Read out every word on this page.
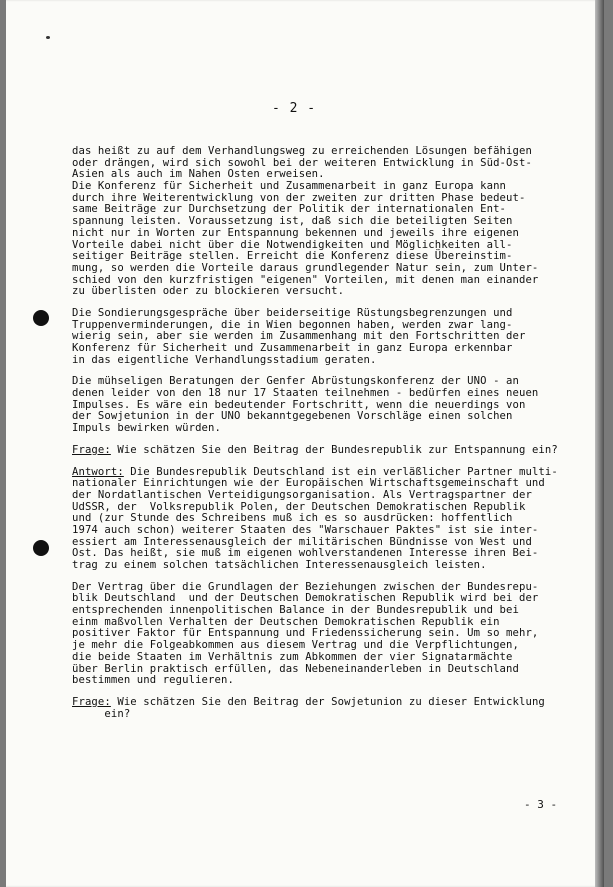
- 2 -
das heißt zu auf dem Verhandlungsweg zu erreichenden Lösungen befähigen
oder drängen, wird sich sowohl bei der weiteren Entwicklung in Süd-Ost-
Asien als auch im Nahen Osten erweisen.
Die Konferenz für Sicherheit und Zusammenarbeit in ganz Europa kann
durch ihre Weiterentwicklung von der zweiten zur dritten Phase bedeut-
same Beiträge zur Durchsetzung der Politik der internationalen Ent-
spannung leisten. Voraussetzung ist, daß sich die beteiligten Seiten
nicht nur in Worten zur Entspannung bekennen und jeweils ihre eigenen
Vorteile dabei nicht über die Notwendigkeiten und Möglichkeiten all-
seitiger Beiträge stellen. Erreicht die Konferenz diese Übereinstim-
mung, so werden die Vorteile daraus grundlegender Natur sein, zum Unter-
schied von den kurzfristigen "eigenen" Vorteilen, mit denen man einander
zu überlisten oder zu blockieren versucht.
Die Sondierungsgespräche über beiderseitige Rüstungsbegrenzungen und
Truppenverminderungen, die in Wien begonnen haben, werden zwar lang-
wierig sein, aber sie werden im Zusammenhang mit den Fortschritten der
Konferenz für Sicherheit und Zusammenarbeit in ganz Europa erkennbar
in das eigentliche Verhandlungsstadium geraten.
Die mühseligen Beratungen der Genfer Abrüstungskonferenz der UNO - an
denen leider von den 18 nur 17 Staaten teilnehmen - bedürfen eines neuen
Impulses. Es wäre ein bedeutender Fortschritt, wenn die neuerdings von
der Sowjetunion in der UNO bekanntgegebenen Vorschläge einen solchen
Impuls bewirken würden.
Frage: Wie schätzen Sie den Beitrag der Bundesrepublik zur Entspannung ein?
Antwort: Die Bundesrepublik Deutschland ist ein verläßlicher Partner multi-
nationaler Einrichtungen wie der Europäischen Wirtschaftsgemeinschaft und
der Nordatlantischen Verteidigungsorganisation. Als Vertragspartner der
UdSSR, der  Volksrepublik Polen, der Deutschen Demokratischen Republik
und (zur Stunde des Schreibens muß ich es so ausdrücken: hoffentlich
1974 auch schon) weiterer Staaten des "Warschauer Paktes" ist sie inter-
essiert am Interessenausgleich der militärischen Bündnisse von West und
Ost. Das heißt, sie muß im eigenen wohlverstandenen Interesse ihren Bei-
trag zu einem solchen tatsächlichen Interessenausgleich leisten.
Der Vertrag über die Grundlagen der Beziehungen zwischen der Bundesrepu-
blik Deutschland  und der Deutschen Demokratischen Republik wird bei der
entsprechenden innenpolitischen Balance in der Bundesrepublik und bei
einm maßvollen Verhalten der Deutschen Demokratischen Republik ein
positiver Faktor für Entspannung und Friedenssicherung sein. Um so mehr,
je mehr die Folgeabkommen aus diesem Vertrag und die Verpflichtungen,
die beide Staaten im Verhältnis zum Abkommen der vier Signatarmächte
über Berlin praktisch erfüllen, das Nebeneinanderleben in Deutschland
bestimmen und regulieren.
Frage: Wie schätzen Sie den Beitrag der Sowjetunion zu dieser Entwicklung
ein?
- 3 -
